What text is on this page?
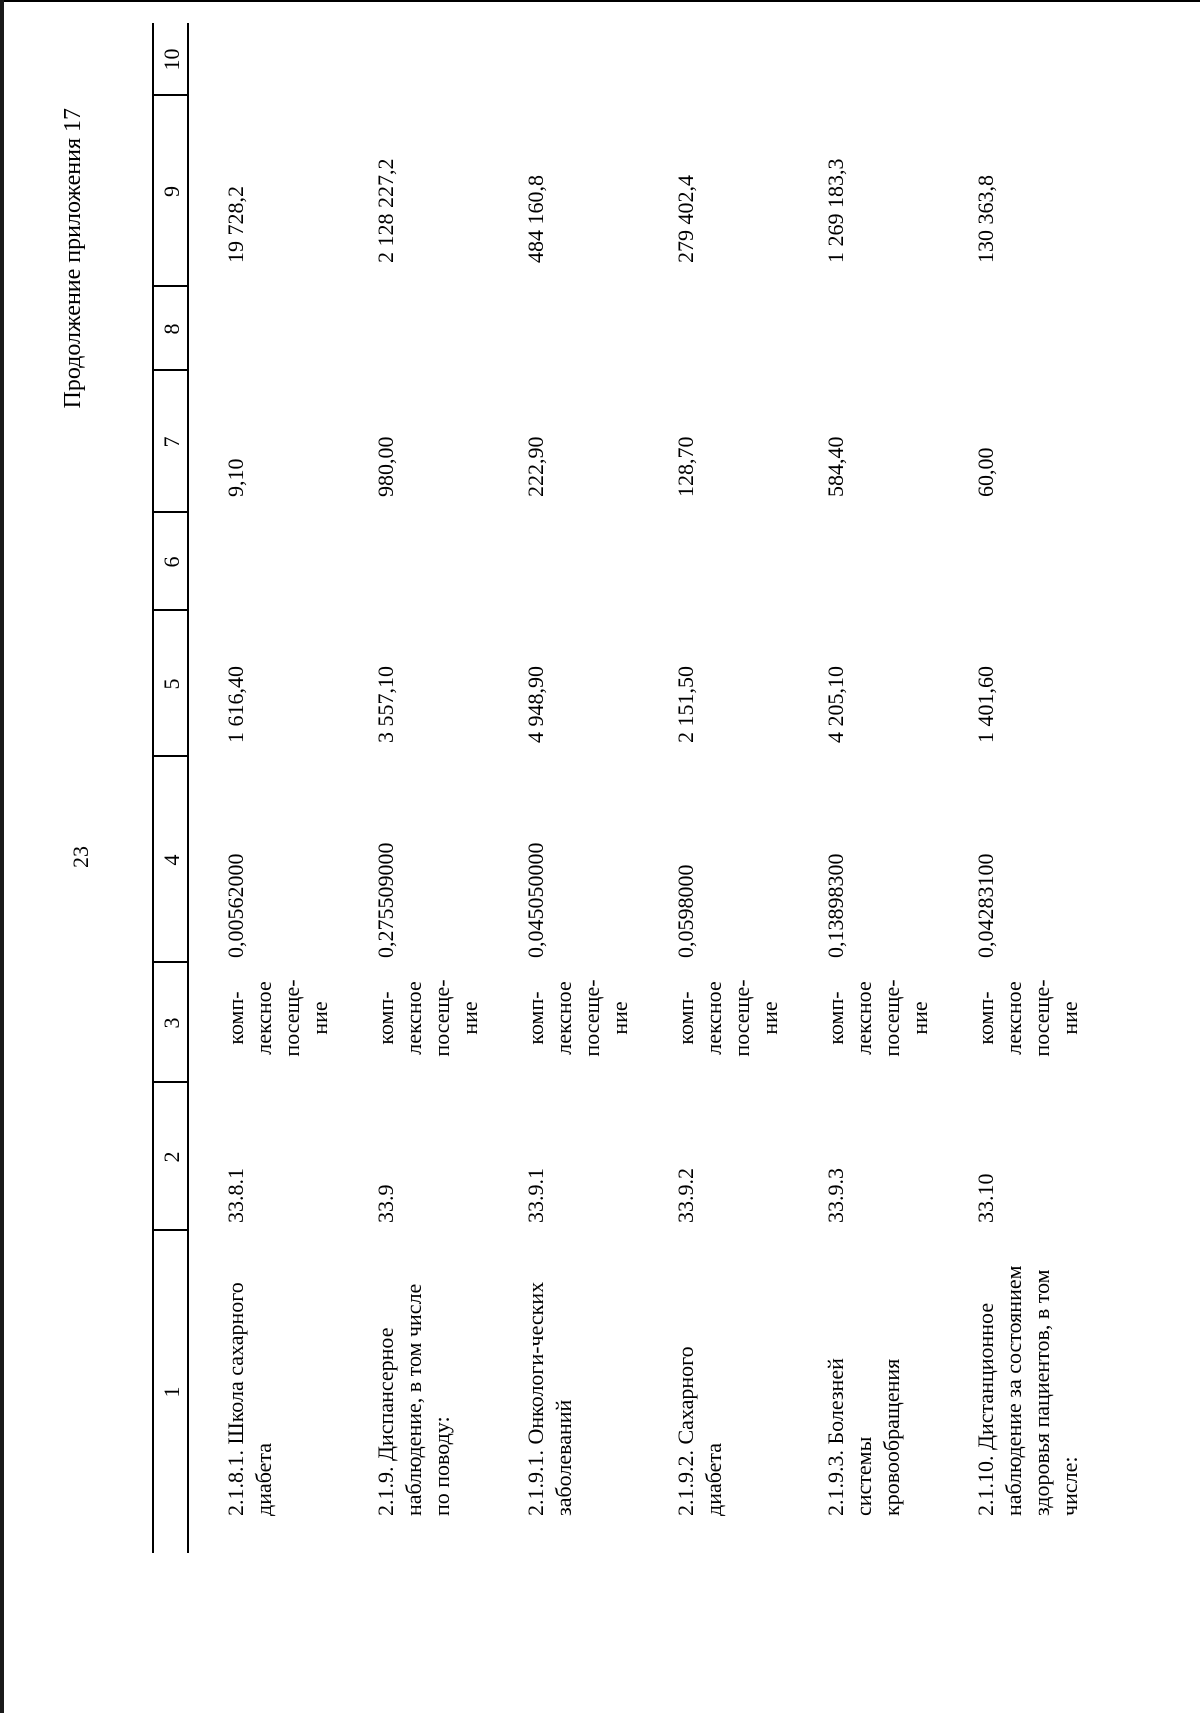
23
Продолжение приложения 17
1
2
3
4
5
6
7
8
9
10
2.1.8.1. Школа сахарного диабета
33.8.1
комп-лексное посеще-ние
0,00562000
1 616,40
9,10
19 728,2
2.1.9. Диспансерное наблюдение, в том числе по поводу:
33.9
комп-лексное посеще-ние
0,275509000
3 557,10
980,00
2 128 227,2
2.1.9.1. Онкологи-ческих заболеваний
33.9.1
комп-лексное посеще-ние
0,045050000
4 948,90
222,90
484 160,8
2.1.9.2. Сахарного диабета
33.9.2
комп-лексное посеще-ние
0,0598000
2 151,50
128,70
279 402,4
2.1.9.3. Болезней системы кровообращения
33.9.3
комп-лексное посеще-ние
0,13898300
4 205,10
584,40
1 269 183,3
2.1.10. Дистанционное наблюдение за состоянием здоровья пациентов, в том числе:
33.10
комп-лексное посеще-ние
0,04283100
1 401,60
60,00
130 363,8
